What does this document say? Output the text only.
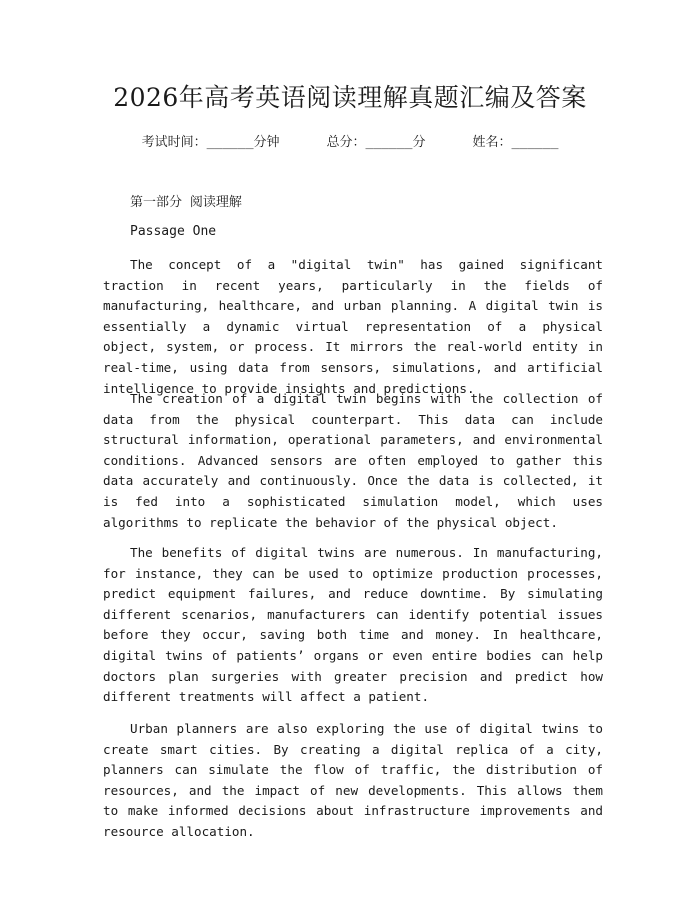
2026年高考英语阅读理解真题汇编及答案
考试时间：______分钟	总分：______分	姓名：______
第一部分 阅读理解
Passage One

The concept of a "digital twin" has gained significant traction in recent years, particularly in the fields of manufacturing, healthcare, and urban planning. A digital twin is essentially a dynamic virtual representation of a physical object, system, or process. It mirrors the real-world entity in real-time, using data from sensors, simulations, and artificial intelligence to provide insights and predictions.

The creation of a digital twin begins with the collection of data from the physical counterpart. This data can include structural information, operational parameters, and environmental conditions. Advanced sensors are often employed to gather this data accurately and continuously. Once the data is collected, it is fed into a sophisticated simulation model, which uses algorithms to replicate the behavior of the physical object.

The benefits of digital twins are numerous. In manufacturing, for instance, they can be used to optimize production processes, predict equipment failures, and reduce downtime. By simulating different scenarios, manufacturers can identify potential issues before they occur, saving both time and money. In healthcare, digital twins of patients’ organs or even entire bodies can help doctors plan surgeries with greater precision and predict how different treatments will affect a patient.

Urban planners are also exploring the use of digital twins to create smart cities. By creating a digital replica of a city, planners can simulate the flow of traffic, the distribution of resources, and the impact of new developments. This allows them to make informed decisions about infrastructure improvements and resource allocation.
